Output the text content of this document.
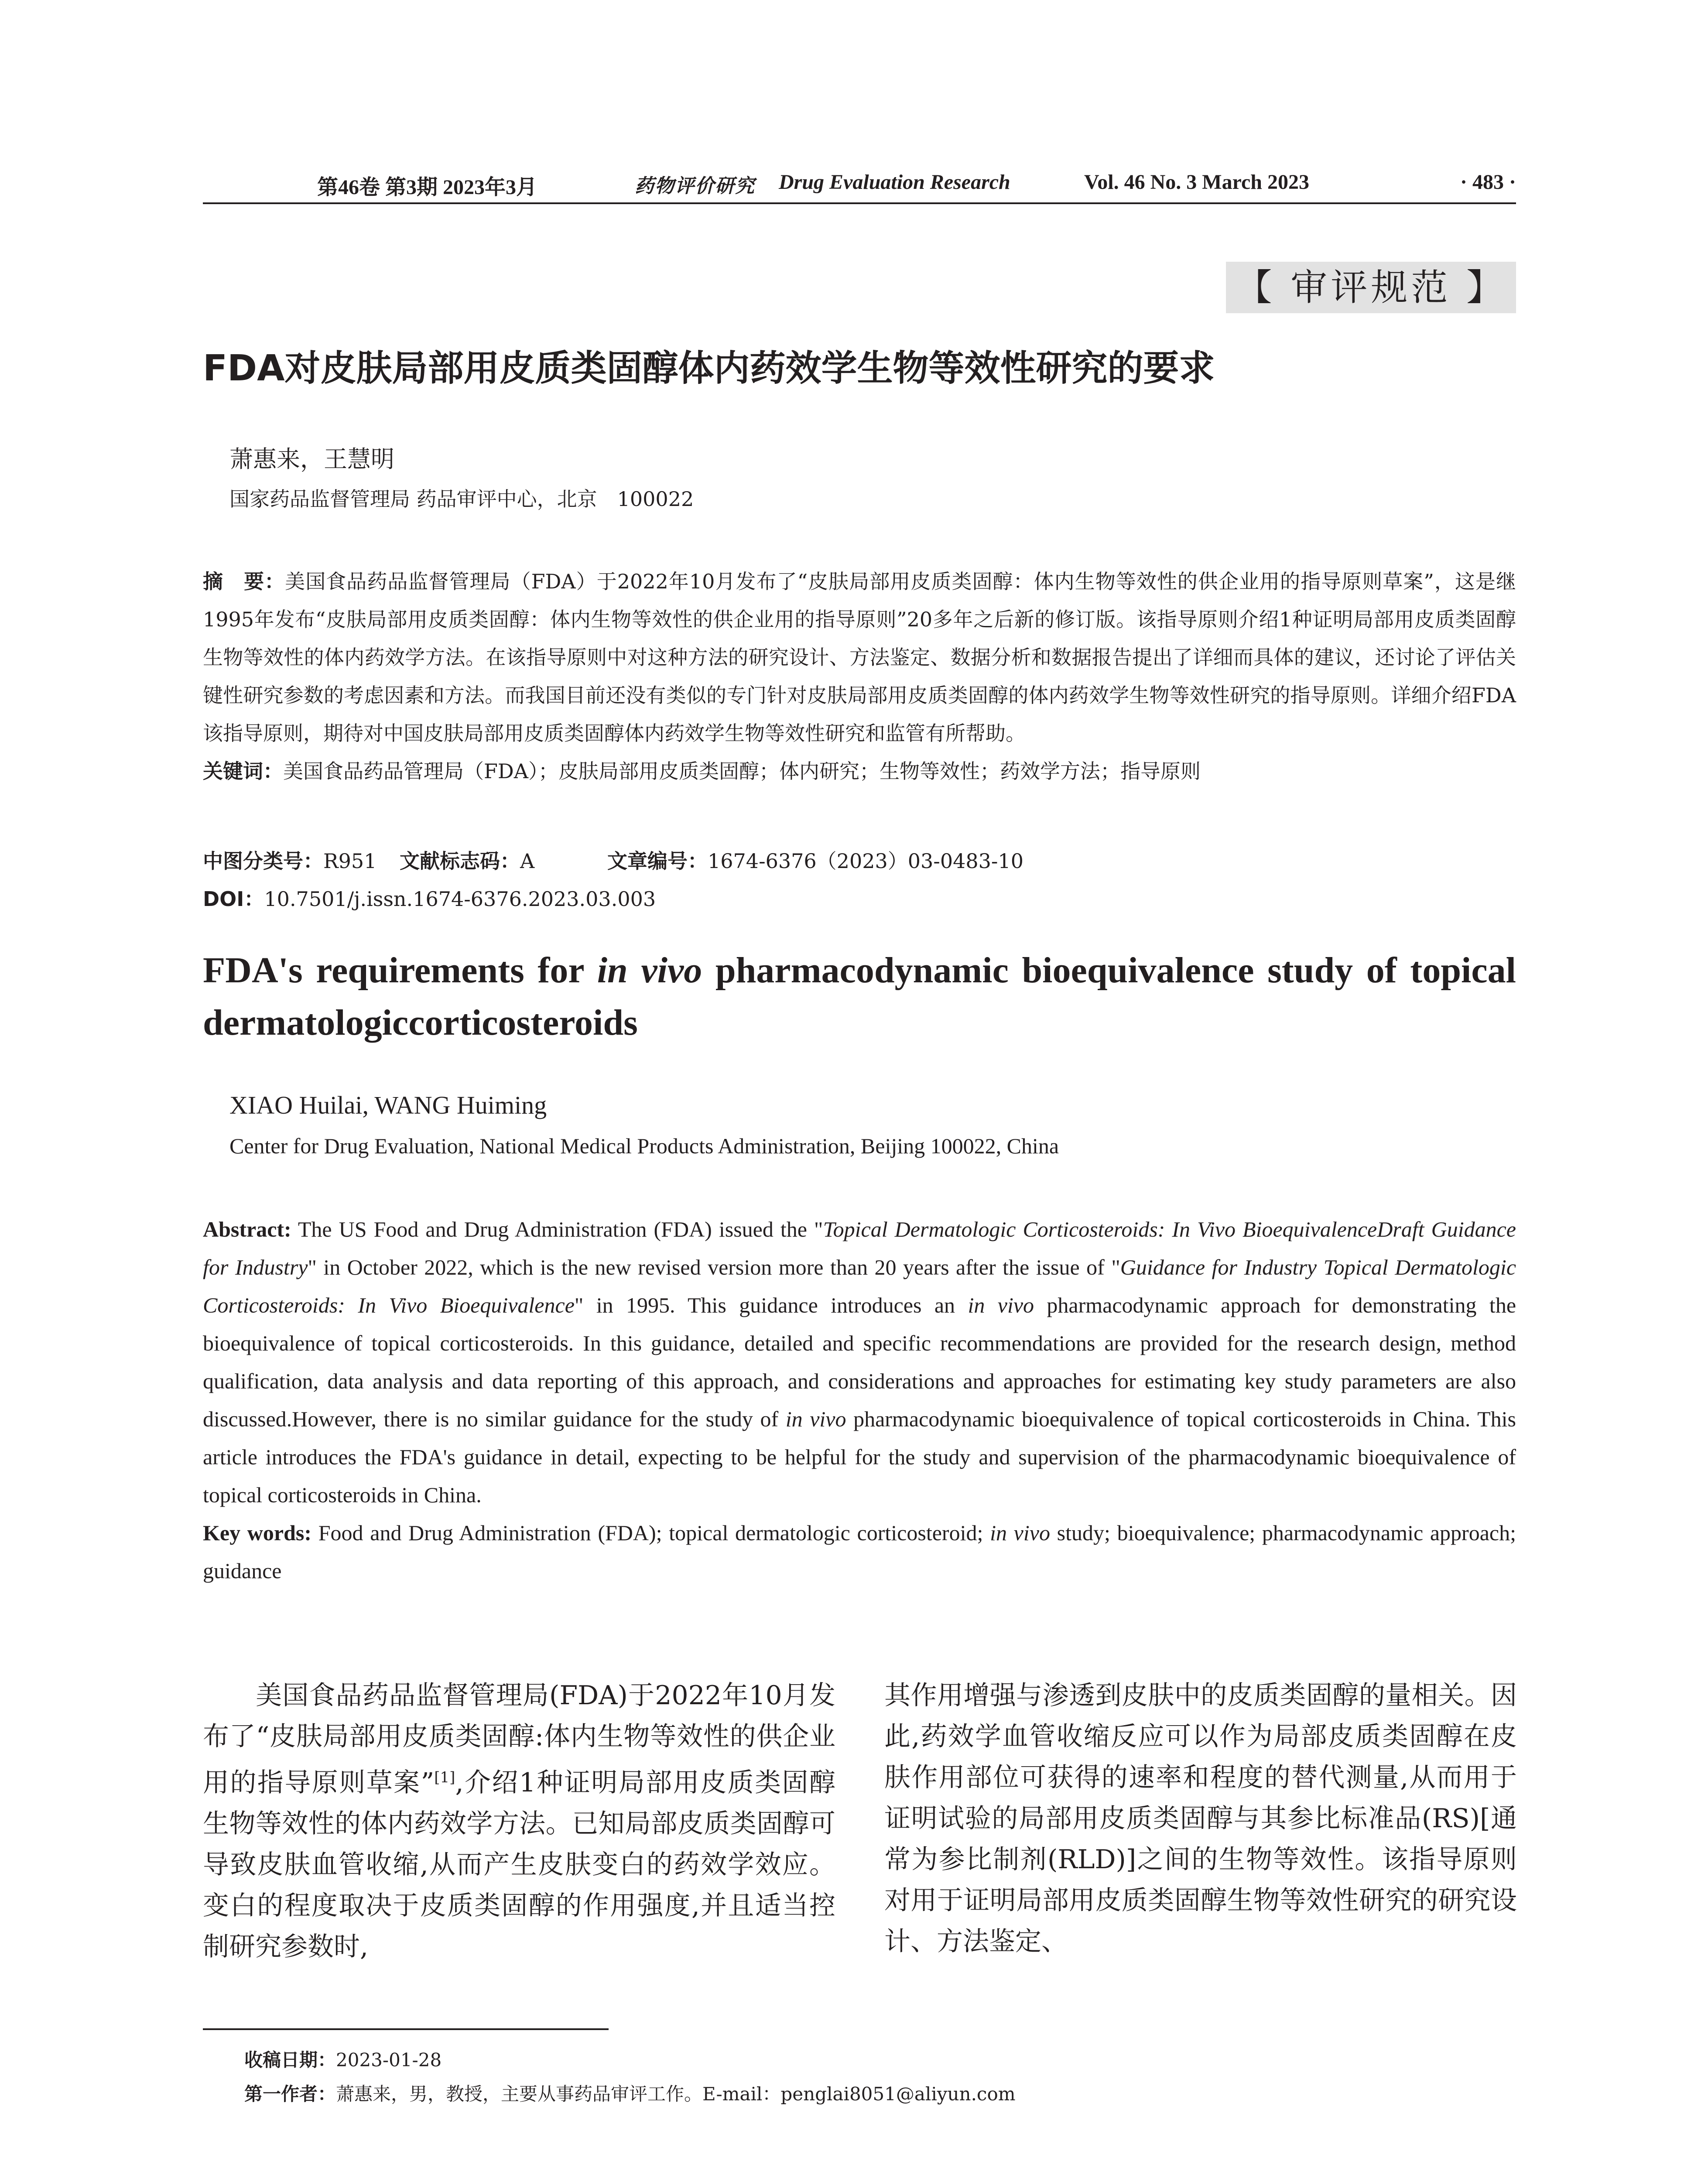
第46卷 第3期 2023年3月	药物评价研究 Drug Evaluation Research	Vol. 46 No. 3 March 2023	· 483 ·
【 审评规范 】
FDA对皮肤局部用皮质类固醇体内药效学生物等效性研究的要求
萧惠来，王慧明
国家药品监督管理局 药品审评中心，北京　100022
摘　要：美国食品药品监督管理局（FDA）于2022年10月发布了“皮肤局部用皮质类固醇：体内生物等效性的供企业用的指导原则草案”，这是继1995年发布“皮肤局部用皮质类固醇：体内生物等效性的供企业用的指导原则”20多年之后新的修订版。该指导原则介绍1种证明局部用皮质类固醇生物等效性的体内药效学方法。在该指导原则中对这种方法的研究设计、方法鉴定、数据分析和数据报告提出了详细而具体的建议，还讨论了评估关键性研究参数的考虑因素和方法。而我国目前还没有类似的专门针对皮肤局部用皮质类固醇的体内药效学生物等效性研究的指导原则。详细介绍FDA该指导原则，期待对中国皮肤局部用皮质类固醇体内药效学生物等效性研究和监管有所帮助。
关键词：美国食品药品管理局（FDA）；皮肤局部用皮质类固醇；体内研究；生物等效性；药效学方法；指导原则
中图分类号：R951 文献标志码：A	文章编号：1674-6376（2023）03-0483-10
DOI：10.7501/j.issn.1674-6376.2023.03.003
FDA's requirements for in vivo pharmacodynamic bioequivalence study of topical dermatologiccorticosteroids
XIAO Huilai, WANG Huiming
Center for Drug Evaluation, National Medical Products Administration, Beijing 100022, China
Abstract: The US Food and Drug Administration (FDA) issued the "Topical Dermatologic Corticosteroids: In Vivo BioequivalenceDraft Guidance for Industry" in October 2022, which is the new revised version more than 20 years after the issue of "Guidance for Industry Topical Dermatologic Corticosteroids: In Vivo Bioequivalence" in 1995. This guidance introduces an in vivo pharmacodynamic approach for demonstrating the bioequivalence of topical corticosteroids. In this guidance, detailed and specific recommendations are provided for the research design, method qualification, data analysis and data reporting of this approach, and considerations and approaches for estimating key study parameters are also discussed.However, there is no similar guidance for the study of in vivo pharmacodynamic bioequivalence of topical corticosteroids in China. This article introduces the FDA's guidance in detail, expecting to be helpful for the study and supervision of the pharmacodynamic bioequivalence of topical corticosteroids in China.
Key words: Food and Drug Administration (FDA); topical dermatologic corticosteroid; in vivo study; bioequivalence; pharmacodynamic approach; guidance
美国食品药品监督管理局(FDA)于2022年10月发布了“皮肤局部用皮质类固醇:体内生物等效性的供企业用的指导原则草案”[1],介绍1种证明局部用皮质类固醇生物等效性的体内药效学方法。已知局部皮质类固醇可导致皮肤血管收缩,从而产生皮肤变白的药效学效应。变白的程度取决于皮质类固醇的作用强度,并且适当控制研究参数时,
其作用增强与渗透到皮肤中的皮质类固醇的量相关。因此,药效学血管收缩反应可以作为局部皮质类固醇在皮肤作用部位可获得的速率和程度的替代测量,从而用于证明试验的局部用皮质类固醇与其参比标准品(RS)[通常为参比制剂(RLD)]之间的生物等效性。该指导原则对用于证明局部用皮质类固醇生物等效性研究的研究设计、方法鉴定、
收稿日期：2023-01-28
第一作者：萧惠来，男，教授，主要从事药品审评工作。E-mail：penglai8051@aliyun.com
